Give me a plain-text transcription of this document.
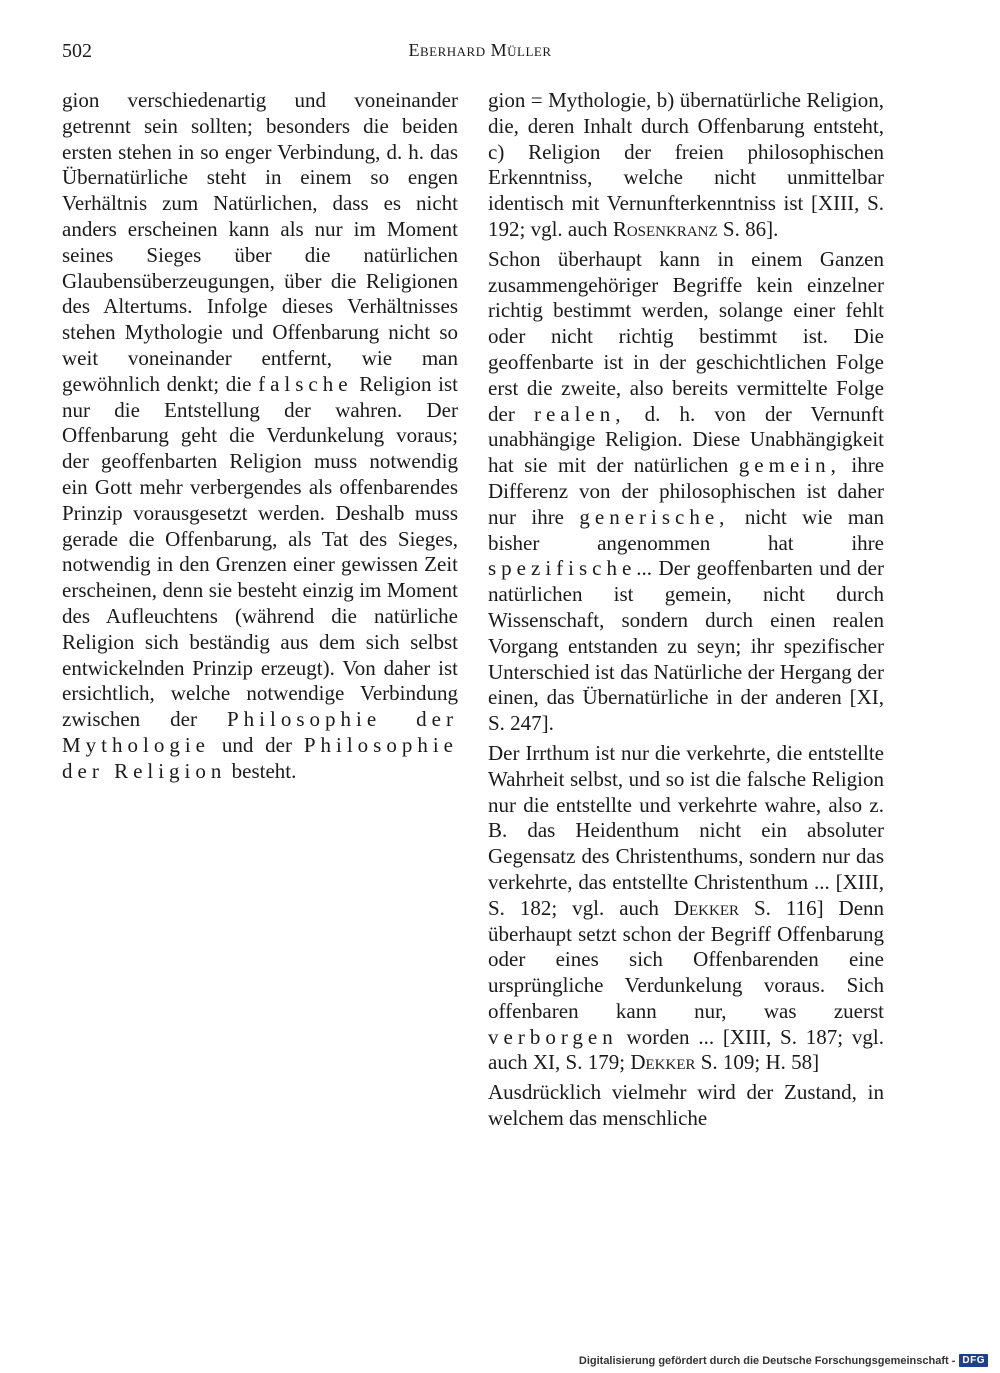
502	Eberhard Müller

gion verschiedenartig und voneinander getrennt sein sollten; besonders die beiden ersten stehen in so enger Verbindung, d. h. das Übernatürliche steht in einem so engen Verhältnis zum Natürlichen, dass es nicht anders erscheinen kann als nur im Moment seines Sieges über die natürlichen Glaubensüberzeugungen, über die Religionen des Altertums. Infolge dieses Verhältnisses stehen Mythologie und Offenbarung nicht so weit voneinander entfernt, wie man gewöhnlich denkt; die falsche Religion ist nur die Entstellung der wahren. Der Offenbarung geht die Verdunkelung voraus; der geoffenbarten Religion muss notwendig ein Gott mehr verbergendes als offenbarendes Prinzip vorausgesetzt werden. Deshalb muss gerade die Offenbarung, als Tat des Sieges, notwendig in den Grenzen einer gewissen Zeit erscheinen, denn sie besteht einzig im Moment des Aufleuchtens (während die natürliche Religion sich beständig aus dem sich selbst entwickelnden Prinzip erzeugt). Von daher ist ersichtlich, welche notwendige Verbindung zwischen der Philosophie der Mythologie und der Philosophie der Religion besteht.

gion = Mythologie, b) übernatürliche Religion, die, deren Inhalt durch Offenbarung entsteht, c) Religion der freien philosophischen Erkenntniss, welche nicht unmittelbar identisch mit Vernunfterkenntniss ist [XIII, S. 192; vgl. auch Rosenkranz S. 86].

Schon überhaupt kann in einem Ganzen zusammengehöriger Begriffe kein einzelner richtig bestimmt werden, solange einer fehlt oder nicht richtig bestimmt ist. Die geoffenbarte ist in der geschichtlichen Folge erst die zweite, also bereits vermittelte Folge der realen, d. h. von der Vernunft unabhängige Religion. Diese Unabhängigkeit hat sie mit der natürlichen gemein, ihre Differenz von der philosophischen ist daher nur ihre generische, nicht wie man bisher angenommen hat ihre spezifische... Der geoffenbarten und der natürlichen ist gemein, nicht durch Wissenschaft, sondern durch einen realen Vorgang entstanden zu seyn; ihr spezifischer Unterschied ist das Natürliche der Hergang der einen, das Übernatürliche in der anderen [XI, S. 247].

Der Irrthum ist nur die verkehrte, die entstellte Wahrheit selbst, und so ist die falsche Religion nur die entstellte und verkehrte wahre, also z. B. das Heidenthum nicht ein absoluter Gegensatz des Christenthums, sondern nur das verkehrte, das entstellte Christenthum ... [XIII, S. 182; vgl. auch Dekker S. 116] Denn überhaupt setzt schon der Begriff Offenbarung oder eines sich Offenbarenden eine ursprüngliche Verdunkelung voraus. Sich offenbaren kann nur, was zuerst verborgen worden ... [XIII, S. 187; vgl. auch XI, S. 179; Dekker S. 109; H. 58]

Ausdrücklich vielmehr wird der Zustand, in welchem das menschliche

Digitalisierung gefördert durch die Deutsche Forschungsgemeinschaft - DFG
